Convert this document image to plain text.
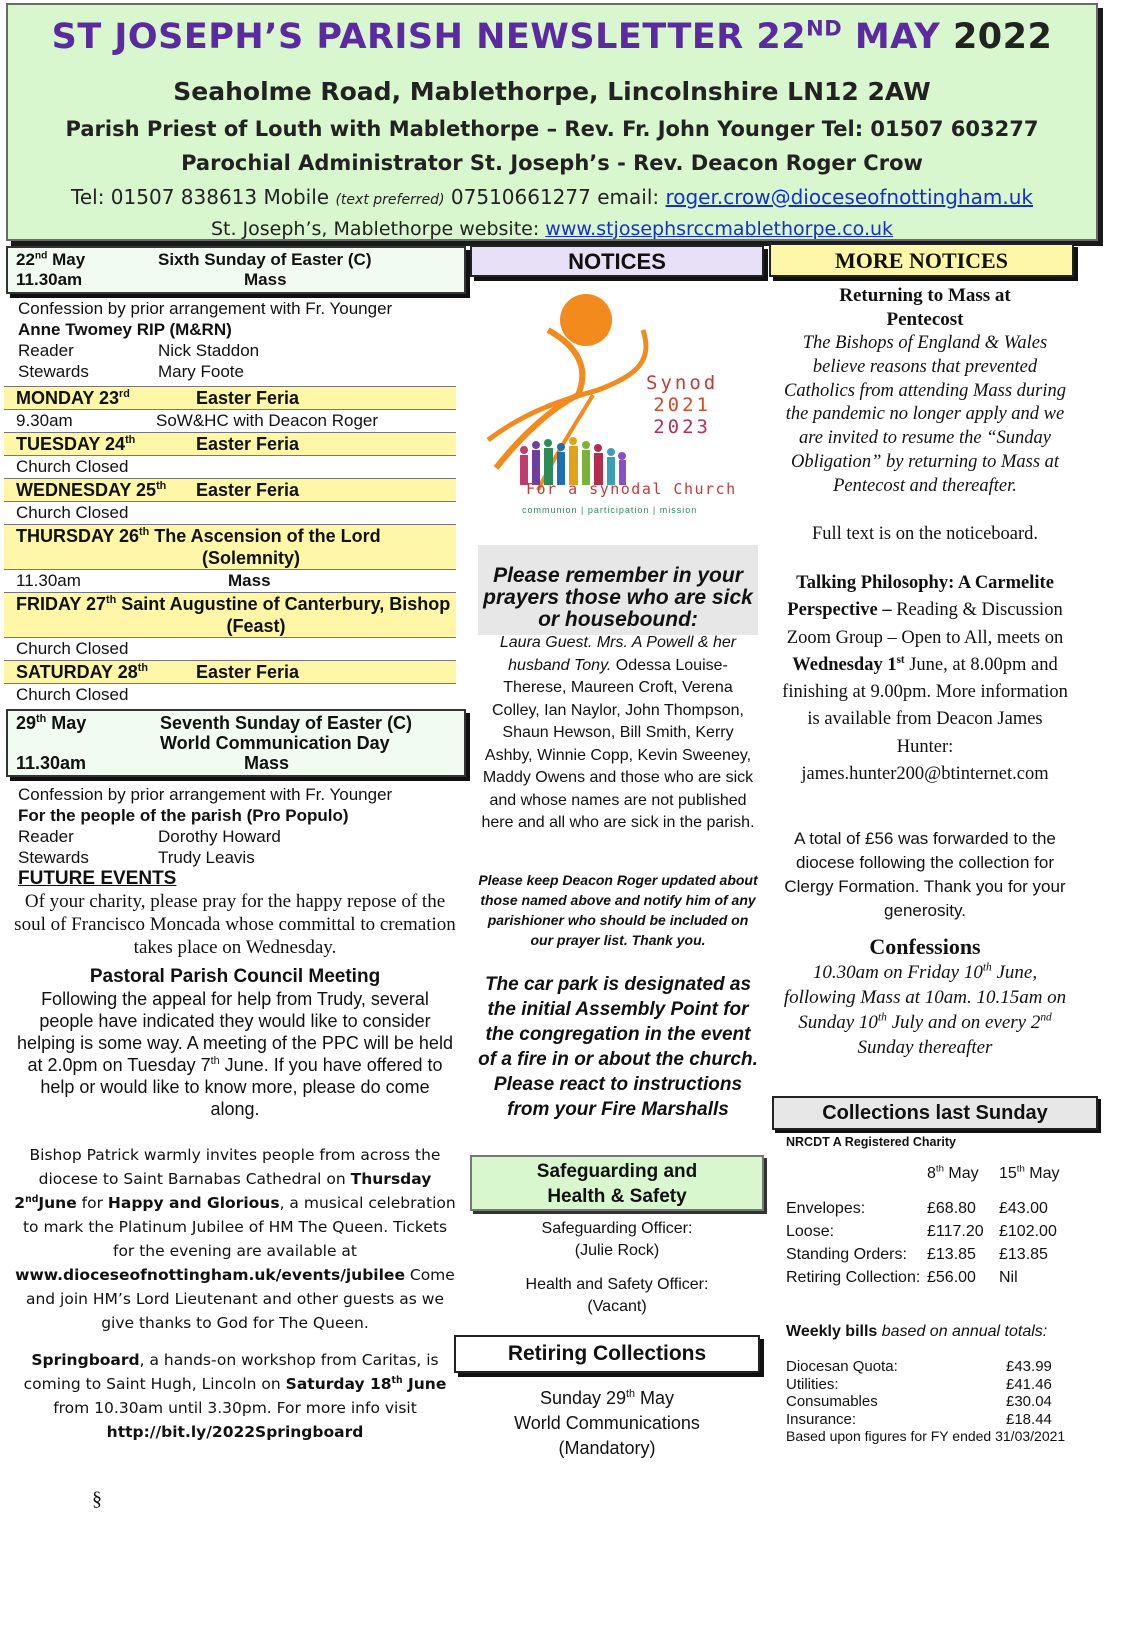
ST JOSEPH’S PARISH NEWSLETTER 22ND MAY 2022
Seaholme Road, Mablethorpe, Lincolnshire LN12 2AW
Parish Priest of Louth with Mablethorpe – Rev. Fr. John Younger Tel: 01507 603277
Parochial Administrator St. Joseph’s - Rev. Deacon Roger Crow
Tel: 01507 838613 Mobile (text preferred) 07510661277 email: roger.crow@dioceseofnottingham.uk
St. Joseph’s, Mablethorpe website: www.stjosephsrccmablethorpe.co.uk
22nd May	Sixth Sunday of Easter (C)
11.30am	Mass
Confession by prior arrangement with Fr. Younger
Anne Twomey RIP (M&RN)
Reader	Nick Staddon
Stewards	Mary Foote
MONDAY 23rd	Easter Feria
9.30am	SoW&HC with Deacon Roger
TUESDAY 24th	Easter Feria
Church Closed
WEDNESDAY 25th	Easter Feria
Church Closed
THURSDAY 26th The Ascension of the Lord
(Solemnity)
11.30am	Mass
FRIDAY 27th Saint Augustine of Canterbury, Bishop
(Feast)
Church Closed
SATURDAY 28th	Easter Feria
Church Closed
29th May	Seventh Sunday of Easter (C)
World Communication Day
11.30am	Mass
Confession by prior arrangement with Fr. Younger
For the people of the parish (Pro Populo)
Reader	Dorothy Howard
Stewards	Trudy Leavis
FUTURE EVENTS
Of your charity, please pray for the happy repose of the soul of Francisco Moncada whose committal to cremation takes place on Wednesday.
Pastoral Parish Council Meeting
Following the appeal for help from Trudy, several people have indicated they would like to consider helping is some way. A meeting of the PPC will be held at 2.0pm on Tuesday 7th June. If you have offered to help or would like to know more, please do come along.
Bishop Patrick warmly invites people from across the diocese to Saint Barnabas Cathedral on Thursday 2ndJune for Happy and Glorious, a musical celebration to mark the Platinum Jubilee of HM The Queen. Tickets for the evening are available at www.dioceseofnottingham.uk/events/jubilee Come and join HM’s Lord Lieutenant and other guests as we give thanks to God for The Queen.
Springboard, a hands-on workshop from Caritas, is coming to Saint Hugh, Lincoln on Saturday 18th June from 10.30am until 3.30pm. For more info visit http://bit.ly/2022Springboard
§
NOTICES
Synod
2021
2023
For a synodal Church
communion | participation | mission
Please remember in your prayers those who are sick or housebound:
Laura Guest. Mrs. A Powell & her husband Tony. Odessa Louise-Therese, Maureen Croft, Verena Colley, Ian Naylor, John Thompson, Shaun Hewson, Bill Smith, Kerry Ashby, Winnie Copp, Kevin Sweeney, Maddy Owens and those who are sick and whose names are not published here and all who are sick in the parish.
Please keep Deacon Roger updated about those named above and notify him of any parishioner who should be included on our prayer list. Thank you.
The car park is designated as the initial Assembly Point for the congregation in the event of a fire in or about the church. Please react to instructions from your Fire Marshalls
Safeguarding and Health & Safety
Safeguarding Officer:
(Julie Rock)
Health and Safety Officer:
(Vacant)
Retiring Collections
Sunday 29th May
World Communications
(Mandatory)
MORE NOTICES
Returning to Mass at Pentecost
The Bishops of England & Wales believe reasons that prevented Catholics from attending Mass during the pandemic no longer apply and we are invited to resume the “Sunday Obligation” by returning to Mass at Pentecost and thereafter.
Full text is on the noticeboard.
Talking Philosophy: A Carmelite Perspective – Reading & Discussion Zoom Group – Open to All, meets on Wednesday 1st June, at 8.00pm and finishing at 9.00pm. More information is available from Deacon James Hunter: james.hunter200@btinternet.com
A total of £56 was forwarded to the diocese following the collection for Clergy Formation. Thank you for your generosity.
Confessions
10.30am on Friday 10th June, following Mass at 10am. 10.15am on Sunday 10th July and on every 2nd Sunday thereafter
Collections last Sunday
NRCDT A Registered Charity
8th May	15th May
Envelopes:	£68.80	£43.00
Loose:	£117.20 £102.00
Standing Orders:	£13.85	£13.85
Retiring Collection: £56.00	Nil
Weekly bills based on annual totals:
Diocesan Quota:	£43.99
Utilities:	£41.46
Consumables	£30.04
Insurance:	£18.44
Based upon figures for FY ended 31/03/2021
